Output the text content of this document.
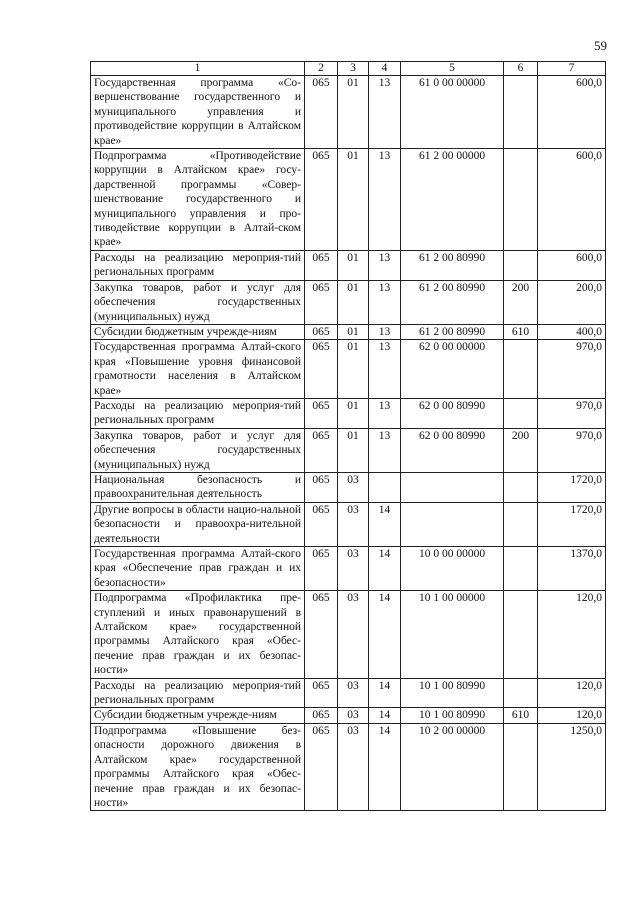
59
1	2	3	4	5	6	7
Государственная программа «Со-вершенствование государственного и муниципального управления и противодействие коррупции в Алтайском крае»	065	01	13	61 0 00 00000		600,0
Подпрограмма «Противодействие коррупции в Алтайском крае» госу-дарственной программы «Совер-шенствование государственного и муниципального управления и про-тиводействие коррупции в Алтай-ском крае»	065	01	13	61 2 00 00000		600,0
Расходы на реализацию мероприя-тий региональных программ	065	01	13	61 2 00 80990		600,0
Закупка товаров, работ и услуг для обеспечения государственных (муниципальных) нужд	065	01	13	61 2 00 80990	200	200,0
Субсидии бюджетным учрежде-ниям	065	01	13	61 2 00 80990	610	400,0
Государственная программа Алтай-ского края «Повышение уровня финансовой грамотности населения в Алтайском крае»	065	01	13	62 0 00 00000		970,0
Расходы на реализацию мероприя-тий региональных программ	065	01	13	62 0 00 80990		970,0
Закупка товаров, работ и услуг для обеспечения государственных (муниципальных) нужд	065	01	13	62 0 00 80990	200	970,0
Национальная безопасность и правоохранительная деятельность	065	03				1720,0
Другие вопросы в области нацио-нальной безопасности и правоохра-нительной деятельности	065	03	14			1720,0
Государственная программа Алтай-ского края «Обеспечение прав граждан и их безопасности»	065	03	14	10 0 00 00000		1370,0
Подпрограмма «Профилактика пре-ступлений и иных правонарушений в Алтайском крае» государственной программы Алтайского края «Обес-печение прав граждан и их безопас-ности»	065	03	14	10 1 00 00000		120,0
Расходы на реализацию мероприя-тий региональных программ	065	03	14	10 1 00 80990		120,0
Субсидии бюджетным учрежде-ниям	065	03	14	10 1 00 80990	610	120,0
Подпрограмма «Повышение без-опасности дорожного движения в Алтайском крае» государственной программы Алтайского края «Обес-печение прав граждан и их безопас-ности»	065	03	14	10 2 00 00000		1250,0
